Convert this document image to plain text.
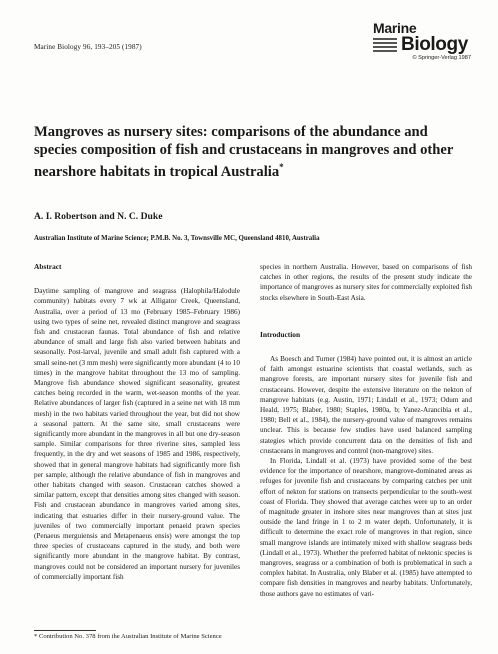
Marine Biology 96, 193–205 (1987)
Marine
Biology
© Springer-Verlag 1987
Mangroves as nursery sites: comparisons of the abundance and species composition of fish and crustaceans in mangroves and other nearshore habitats in tropical Australia*

A. I. Robertson and N. C. Duke

Australian Institute of Marine Science; P.M.B. No. 3, Townsville MC, Queensland 4810, Australia

Abstract

Daytime sampling of mangrove and seagrass (Halophila/Halodule community) habitats every 7 wk at Alligator Creek, Queensland, Australia, over a period of 13 mo (February 1985–February 1986) using two types of seine net, revealed distinct mangrove and seagrass fish and crustacean faunas. Total abundance of fish and relative abundance of small and large fish also varied between habitats and seasonally. Post-larval, juvenile and small adult fish captured with a small seine-net (3 mm mesh) were significantly more abundant (4 to 10 times) in the mangrove habitat throughout the 13 mo of sampling. Mangrove fish abundance showed significant seasonality, greatest catches being recorded in the warm, wet-season months of the year. Relative abundances of larger fish (captured in a seine net with 18 mm mesh) in the two habitats varied throughout the year, but did not show a seasonal pattern. At the same site, small crustaceans were significantly more abundant in the mangroves in all but one dry-season sample. Similar comparisons for three riverine sites, sampled less frequently, in the dry and wet seasons of 1985 and 1986, respectively, showed that in general mangrove habitats had significantly more fish per sample, although the relative abundance of fish in mangroves and other habitats changed with season. Crustacean catches showed a similar pattern, except that densities among sites changed with season. Fish and crustacean abundance in mangroves varied among sites, indicating that estuaries differ in their nursery-ground value. The juveniles of two commercially important penaeid prawn species (Penaeus merguiensis and Metapenaeus ensis) were amongst the top three species of crustaceans captured in the study, and both were significantly more abundant in the mangrove habitat. By contrast, mangroves could not be considered an important nursery for juveniles of commercially important fish

species in northern Australia. However, based on comparisons of fish catches in other regions, the results of the present study indicate the importance of mangroves as nursery sites for commercially exploited fish stocks elsewhere in South-East Asia.

Introduction

As Boesch and Turner (1984) have pointed out, it is almost an article of faith amongst estuarine scientists that coastal wetlands, such as mangrove forests, are important nursery sites for juvenile fish and crustaceans. However, despite the extensive literature on the nekton of mangrove habitats (e.g. Austin, 1971; Lindall et al., 1973; Odum and Heald, 1975; Blaber, 1980; Staples, 1980a, b; Yanez-Arancibia et al., 1980; Bell et al., 1984), the nursery-ground value of mangroves remains unclear. This is because few studies have used balanced sampling stategies which provide concurrent data on the densities of fish and crustaceans in mangroves and control (non-mangrove) sites.

In Florida, Lindall et al. (1973) have provided some of the best evidence for the importance of nearshore, mangrove-dominated areas as refuges for juvenile fish and crustaceans by comparing catches per unit effort of nekton for stations on transects perpendicular to the south-west coast of Florida. They showed that average catches were up to an order of magnitude greater in inshore sites near mangroves than at sites just outside the land fringe in 1 to 2 m water depth. Unfortunately, it is difficult to determine the exact role of mangroves in that region, since small mangrove islands are intimately mixed with shallow seagrass beds (Lindall et al., 1973). Whether the preferred habitat of nektonic species is mangroves, seagrass or a combination of both is problematical in such a complex habitat. In Australia, only Blaber et al. (1985) have attempted to compare fish densities in mangroves and nearby habitats. Unfortunately, those authors gave no estimates of vari-

* Contribution No. 378 from the Australian Institute of Marine Science
